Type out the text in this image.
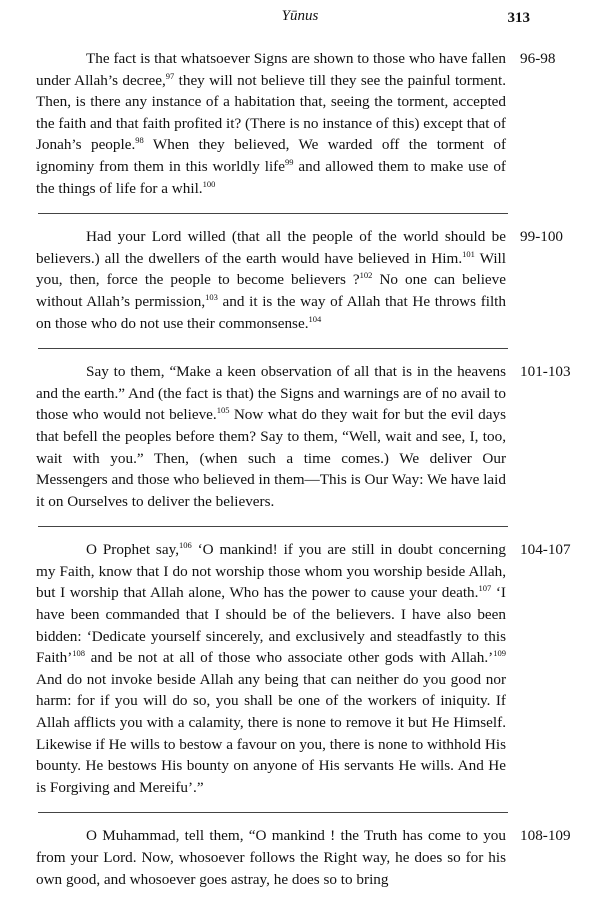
Yūnus	313

The fact is that whatsoever Signs are shown to those who have fallen under Allah’s decree,$^{97}$ they will not believe till they see the painful torment. Then, is there any instance of a habitation that, seeing the torment, accepted the faith and that faith profited it? (There is no instance of this) except that of Jonah’s people.$^{98}$ When they believed, We warded off the torment of ignominy from them in this worldly life$^{99}$ and allowed them to make use of the things of life for a whil.$^{100}$

96-98

Had your Lord willed (that all the people of the world should be believers.) all the dwellers of the earth would have believed in Him.$^{101}$ Will you, then, force the people to become believers ?$^{102}$ No one can believe without Allah’s permission,$^{103}$ and it is the way of Allah that He throws filth on those who do not use their commonsense.$^{104}$

99-100

Say to them, “Make a keen observation of all that is in the heavens and the earth.” And (the fact is that) the Signs and warnings are of no avail to those who would not believe.$^{105}$ Now what do they wait for but the evil days that befell the peoples before them? Say to them, “Well, wait and see, I, too, wait with you.” Then, (when such a time comes.) We deliver Our Messengers and those who believed in them—This is Our Way: We have laid it on Ourselves to deliver the believers.

101-103

O Prophet say,$^{106}$ ‘O mankind! if you are still in doubt concerning my Faith, know that I do not worship those whom you worship beside Allah, but I worship that Allah alone, Who has the power to cause your death.$^{107}$ ‘I have been commanded that I should be of the believers. I have also been bidden: ‘Dedicate yourself sincerely, and exclusively and steadfastly to this Faith’$^{108}$ and be not at all of those who associate other gods with Allah.’$^{109}$ And do not invoke beside Allah any being that can neither do you good nor harm: for if you will do so, you shall be one of the workers of iniquity. If Allah afflicts you with a calamity, there is none to remove it but He Himself. Likewise if He wills to bestow a favour on you, there is none to withhold His bounty. He bestows His bounty on anyone of His servants He wills. And He is Forgiving and Mereifu’.”

104-107

O Muhammad, tell them, “O mankind ! the Truth has come to you from your Lord. Now, whosoever follows the Right way, he does so for his own good, and whosoever goes astray, he does so to bring

108-109
